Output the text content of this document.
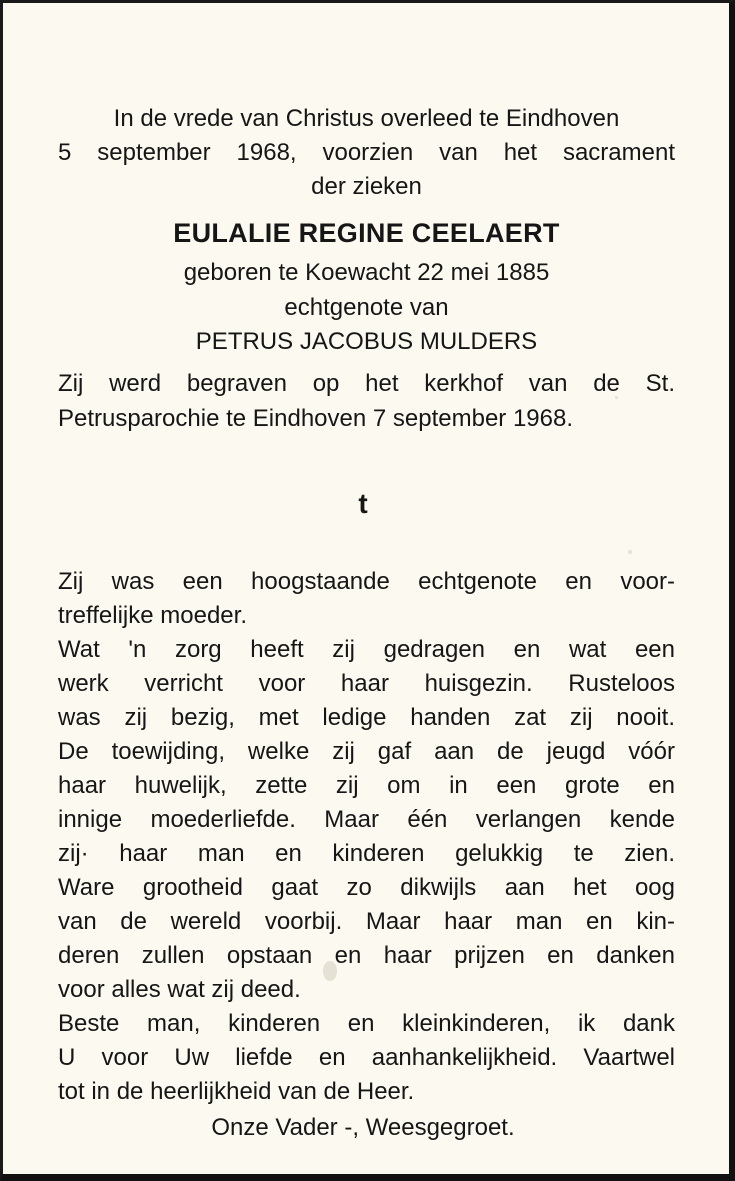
In de vrede van Christus overleed te Eindhoven
5 september 1968, voorzien van het sacrament
der zieken
EULALIE REGINE CEELAERT
geboren te Koewacht 22 mei 1885
echtgenote van
PETRUS JACOBUS MULDERS
Zij werd begraven op het kerkhof van de St.
Petrusparochie te Eindhoven 7 september 1968.
t
Zij was een hoogstaande echtgenote en voor-
treffelijke moeder.
Wat 'n zorg heeft zij gedragen en wat een
werk verricht voor haar huisgezin. Rusteloos
was zij bezig, met ledige handen zat zij nooit.
De toewijding, welke zij gaf aan de jeugd vóór
haar huwelijk, zette zij om in een grote en
innige moederliefde. Maar één verlangen kende
zij· haar man en kinderen gelukkig te zien.
Ware grootheid gaat zo dikwijls aan het oog
van de wereld voorbij. Maar haar man en kin-
deren zullen opstaan en haar prijzen en danken
voor alles wat zij deed.
Beste man, kinderen en kleinkinderen, ik dank
U voor Uw liefde en aanhankelijkheid. Vaartwel
tot in de heerlijkheid van de Heer.
Onze Vader -, Weesgegroet.
